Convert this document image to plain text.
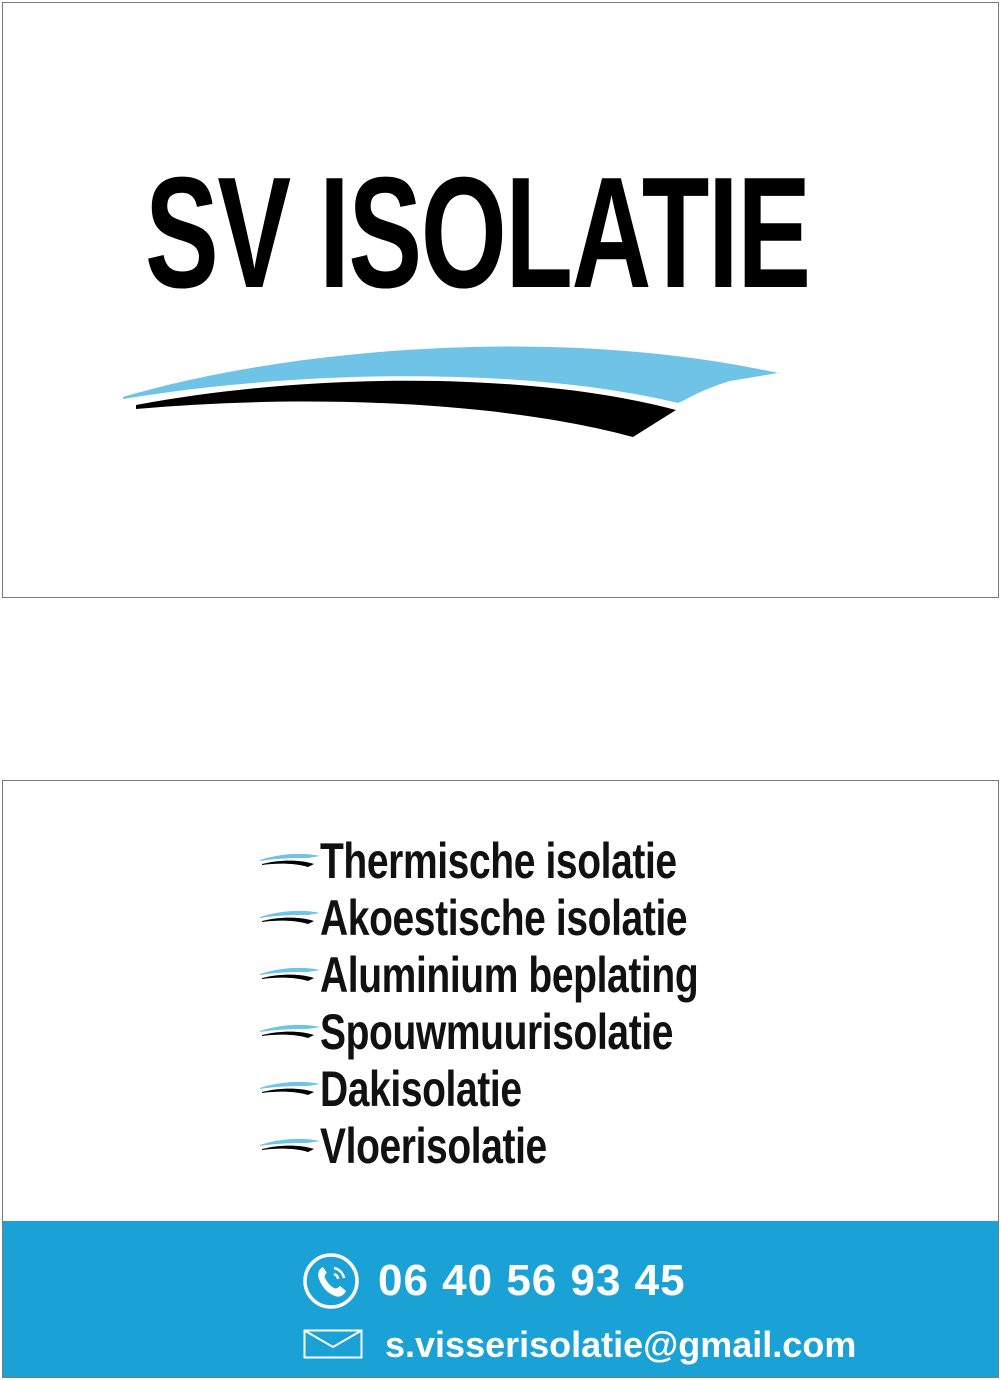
SV ISOLATIE
Thermische isolatie
Akoestische isolatie
Aluminium beplating
Spouwmuurisolatie
Dakisolatie
Vloerisolatie
06 40 56 93 45
s.visserisolatie@gmail.com
